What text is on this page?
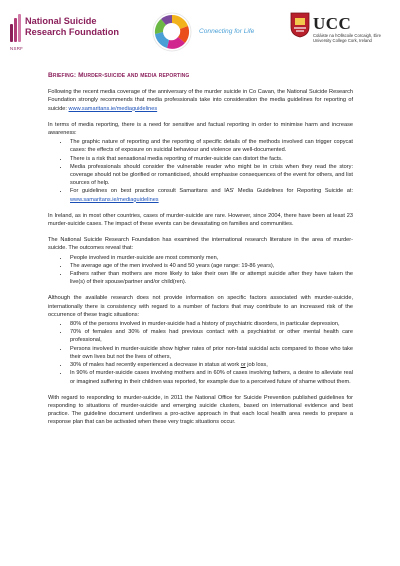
National Suicide
Research Foundation
NSRF
Connecting for Life	UCC
Coláiste na hOllscoile Corcaigh, Éire
University College Cork, Ireland
Briefing: Murder-suicide and media reporting

Following the recent media coverage of the anniversary of the murder suicide in Co Cavan, the National Suicide Research Foundation strongly recommends that media professionals take into consideration the media guidelines for reporting of suicide: www.samaritans.ie/mediaguidelines

In terms of media reporting, there is a need for sensitive and factual reporting in order to minimise harm and increase awareness:

• The graphic nature of reporting and the reporting of specific details of the methods involved can trigger copycat cases: the effects of exposure on suicidal behaviour and violence are well-documented.
• There is a risk that sensational media reporting of murder-suicide can distort the facts.
• Media professionals should consider the vulnerable reader who might be in crisis when they read the story: coverage should not be glorified or romanticised, should emphasise consequences of the event for others, and list sources of help.
• For guidelines on best practice consult Samaritans and IAS' Media Guidelines for Reporting Suicide at: www.samaritans.ie/mediaguidelines

In Ireland, as in most other countries, cases of murder-suicide are rare. However, since 2004, there have been at least 23 murder-suicide cases. The impact of these events can be devastating on families and communities.

The National Suicide Research Foundation has examined the international research literature in the area of murder-suicide. The outcomes reveal that:

• People involved in murder-suicide are most commonly men,
• The average age of the men involved is 40 and 50 years (age range: 19-86 years),
• Fathers rather than mothers are more likely to take their own life or attempt suicide after they have taken the live(s) of their spouse/partner and/or child(ren).

Although the available research does not provide information on specific factors associated with murder-suicide, internationally there is consistency with regard to a number of factors that may contribute to an increased risk of the occurrence of these tragic situations:

• 80% of the persons involved in murder-suicide had a history of psychiatric disorders, in particular depression,
• 70% of females and 30% of males had previous contact with a psychiatrist or other mental health care professional,
• Persons involved in murder-suicide show higher rates of prior non-fatal suicidal acts compared to those who take their own lives but not the lives of others,
• 30% of males had recently experienced a decrease in status at work or job loss,
• In 90% of murder-suicide cases involving mothers and in 60% of cases involving fathers, a desire to alleviate real or imagined suffering in their children was reported, for example due to a perceived future of shame without them.

With regard to responding to murder-suicide, in 2011 the National Office for Suicide Prevention published guidelines for responding to situations of murder-suicide and emerging suicide clusters, based on international evidence and best practice. The guideline document underlines a pro-active approach in that each local health area needs to prepare a response plan that can be activated when these very tragic situations occur.
